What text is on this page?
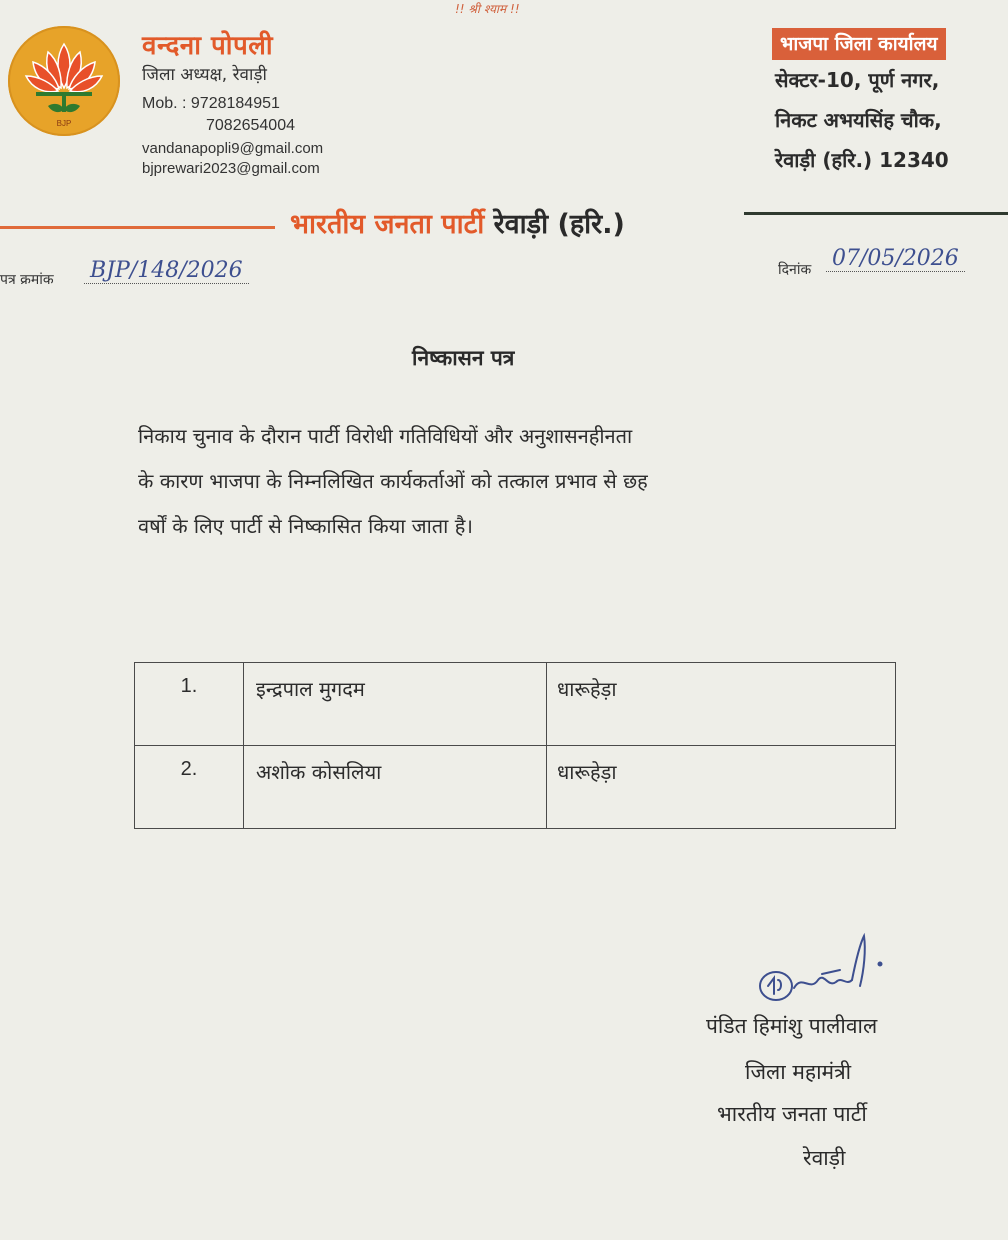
!! श्री श्याम !!
BJP
वन्दना पोपली
जिला अध्यक्ष, रेवाड़ी
Mob. : 9728184951
7082654004
vandanapopli9@gmail.com
bjprewari2023@gmail.com
भाजपा जिला कार्यालय
सेक्टर-10, पूर्ण नगर,
निकट अभयसिंह चौक,
रेवाड़ी (हरि.) 12340
भारतीय जनता पार्टी रेवाड़ी (हरि.)
पत्र क्रमांक BJP/148/2026	दिनांक 07/05/2026
निष्कासन पत्र
निकाय चुनाव के दौरान पार्टी विरोधी गतिविधियों और अनुशासनहीनता
के कारण भाजपा के निम्नलिखित कार्यकर्ताओं को तत्काल प्रभाव से छह
वर्षों के लिए पार्टी से निष्कासित किया जाता है।
1.	इन्द्रपाल मुगदम	धारूहेड़ा
2.	अशोक कोसलिया	धारूहेड़ा
पंडित हिमांशु पालीवाल
जिला महामंत्री
भारतीय जनता पार्टी
रेवाड़ी
